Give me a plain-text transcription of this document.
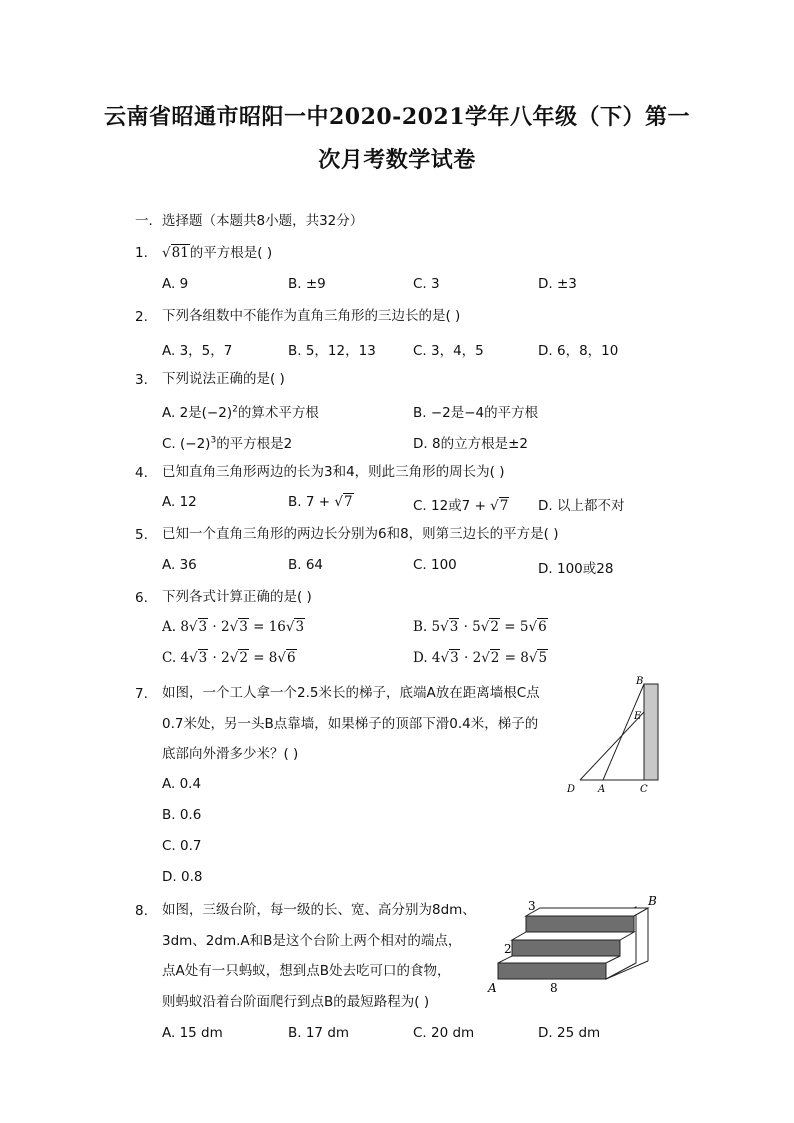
云南省昭通市昭阳一中2020-2021学年八年级（下）第一
次月考数学试卷
一．选择题（本题共8小题，共32分）
1. √81的平方根是( )
A. 9	B. ±9	C. 3	D. ±3
2. 下列各组数中不能作为直角三角形的三边长的是( )
A. 3，5，7	B. 5，12，13	C. 3，4，5	D. 6，8，10
3. 下列说法正确的是( )
A. 2是$(-2)^2$的算术平方根	B. −2是−4的平方根
C. $(-2)^3$的平方根是2	D. 8的立方根是±2
4. 已知直角三角形两边的长为3和4，则此三角形的周长为( )
A. 12	B. 7 + √7	C. 12或7 + √7 D. 以上都不对
5. 已知一个直角三角形的两边长分别为6和8，则第三边长的平方是( )
A. 36	B. 64	C. 100	D. 100或28
6. 下列各式计算正确的是( )
A. 8√3 · 2√3 = 16√3	B. 5√3 · 5√2 = 5√6
C. 4√3 · 2√2 = 8√6	D. 4√3 · 2√2 = 8√5
7. 如图，一个工人拿一个2.5米长的梯子，底端A放在距离墙根C点
0.7米处，另一头B点靠墙，如果梯子的顶部下滑0.4米，梯子的
底部向外滑多少米？( )
A. 0.4
B. 0.6
C. 0.7
D. 0.8
B
E
D A	C
8. 如图，三级台阶，每一级的长、宽、高分别为8dm、
3dm、2dm.A和B是这个台阶上两个相对的端点，
点A处有一只蚂蚁，想到点B处去吃可口的食物，
则蚂蚁沿着台阶面爬行到点B的最短路程为( )
A. 15 dm	B. 17 dm	C. 20 dm	D. 25 dm
3
2
8
A
B
